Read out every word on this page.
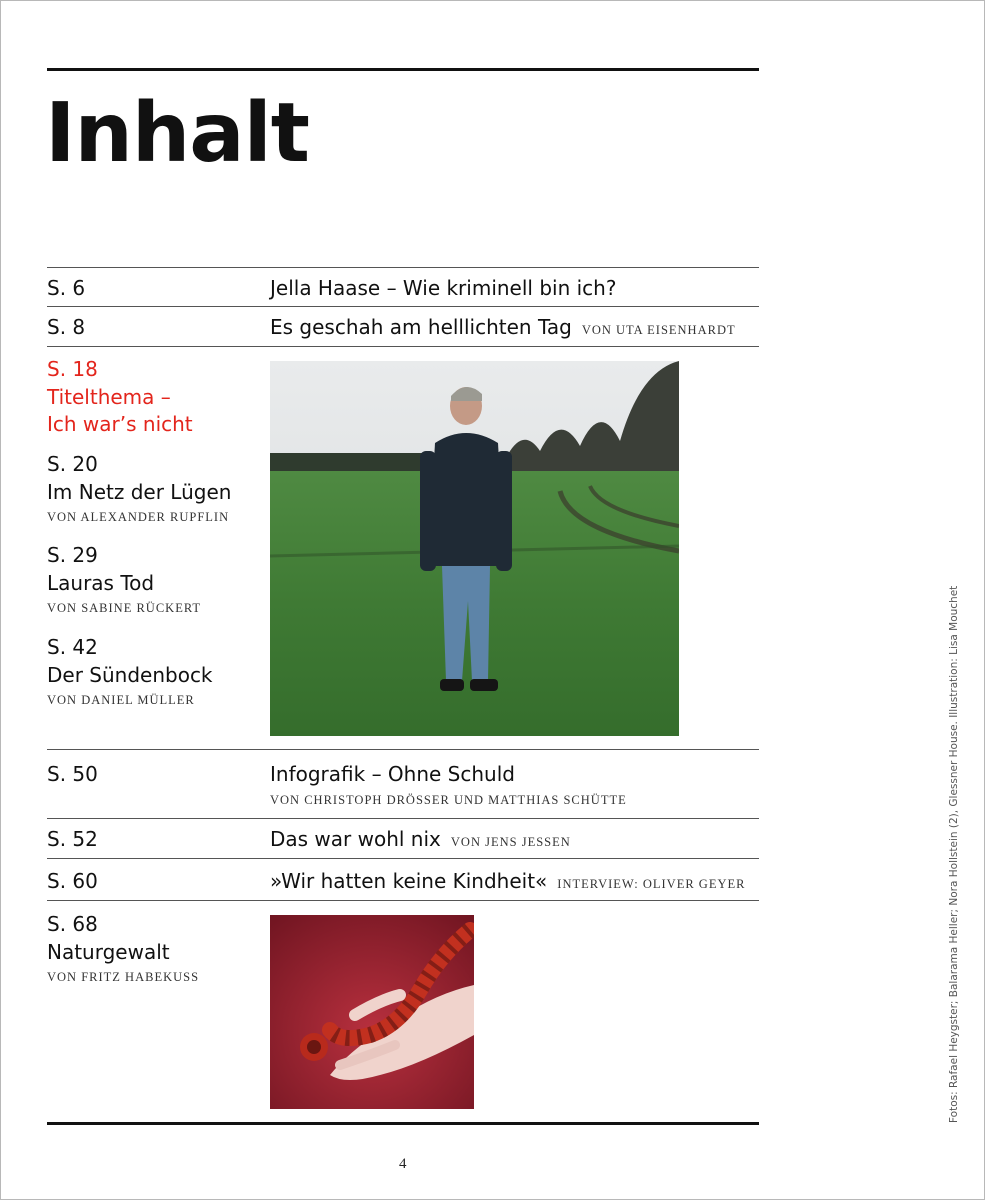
Inhalt
S. 6	Jella Haase – Wie kriminell bin ich?
S. 8	Es geschah am helllichten Tag VON UTA EISENHARDT
S. 18
Titelthema –
Ich war’s nicht
S. 20
Im Netz der Lügen
VON ALEXANDER RUPFLIN
S. 29
Lauras Tod
VON SABINE RÜCKERT
S. 42
Der Sündenbock
VON DANIEL MÜLLER
S. 50	Infografik – Ohne Schuld
VON CHRISTOPH DRÖSSER UND MATTHIAS SCHÜTTE
S. 52	Das war wohl nix VON JENS JESSEN
S. 60	»Wir hatten keine Kindheit« INTERVIEW: OLIVER GEYER
S. 68
Naturgewalt
VON FRITZ HABEKUSS	Fotos: Rafael Heygster; Balarama Heller; Nora Hollstein (2), Glessner House. Illustration: Lisa Mouchet
4
